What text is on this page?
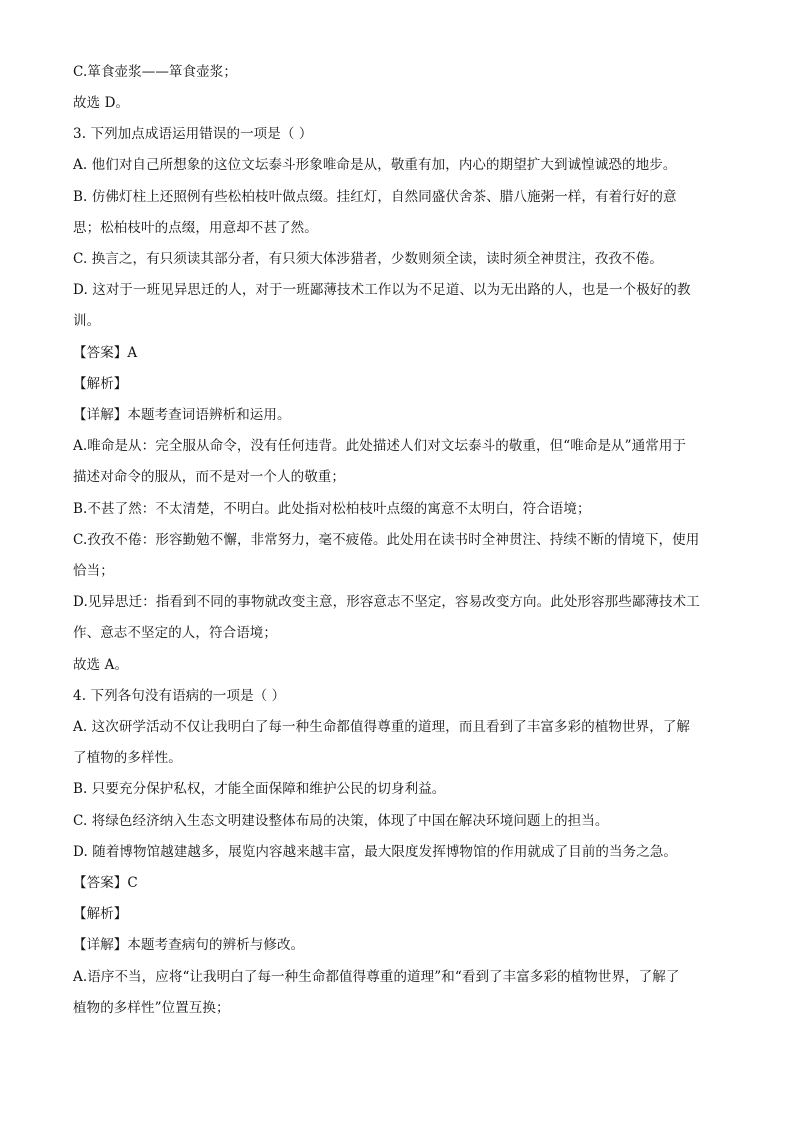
C.箪食壶浆——箪食壶浆；
故选 D。
3. 下列加点成语运用错误的一项是（ ）
A. 他们对自己所想象的这位文坛泰斗形象唯命是从，敬重有加，内心的期望扩大到诚惶诚恐的地步。
B. 仿佛灯柱上还照例有些松柏枝叶做点缀。挂红灯，自然同盛伏舍茶、腊八施粥一样，有着行好的意
思；松柏枝叶的点缀，用意却不甚了然。
C. 换言之，有只须读其部分者，有只须大体涉猎者，少数则须全读，读时须全神贯注，孜孜不倦。
D. 这对于一班见异思迁的人，对于一班鄙薄技术工作以为不足道、以为无出路的人，也是一个极好的教
训。
【答案】A
【解析】
【详解】本题考查词语辨析和运用。
A.唯命是从：完全服从命令，没有任何违背。此处描述人们对文坛泰斗的敬重，但“唯命是从”通常用于
描述对命令的服从，而不是对一个人的敬重；
B.不甚了然：不太清楚，不明白。此处指对松柏枝叶点缀的寓意不太明白，符合语境；
C.孜孜不倦：形容勤勉不懈，非常努力，毫不疲倦。此处用在读书时全神贯注、持续不断的情境下，使用
恰当；
D.见异思迁：指看到不同的事物就改变主意，形容意志不坚定，容易改变方向。此处形容那些鄙薄技术工
作、意志不坚定的人，符合语境；
故选 A。
4. 下列各句没有语病的一项是（ ）
A. 这次研学活动不仅让我明白了每一种生命都值得尊重的道理，而且看到了丰富多彩的植物世界，了解
了植物的多样性。
B. 只要充分保护私权，才能全面保障和维护公民的切身利益。
C. 将绿色经济纳入生态文明建设整体布局的决策，体现了中国在解决环境问题上的担当。
D. 随着博物馆越建越多，展览内容越来越丰富，最大限度发挥博物馆的作用就成了目前的当务之急。
【答案】C
【解析】
【详解】本题考查病句的辨析与修改。
A.语序不当，应将“让我明白了每一种生命都值得尊重的道理”和“看到了丰富多彩的植物世界，了解了
植物的多样性”位置互换；
